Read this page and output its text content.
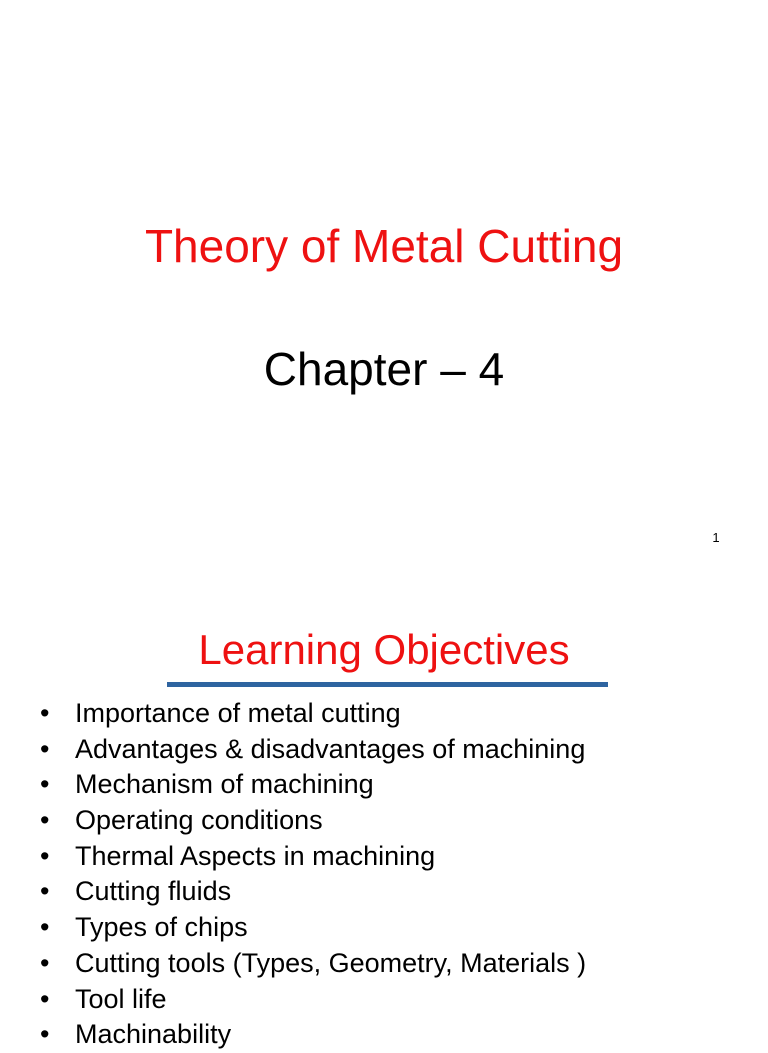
Theory of Metal Cutting
Chapter – 4
1
Learning Objectives
• Importance of metal cutting
• Advantages & disadvantages of machining
• Mechanism of machining
• Operating conditions
• Thermal Aspects in machining
• Cutting fluids
• Types of chips
• Cutting tools (Types, Geometry, Materials )
• Tool life
• Machinability
